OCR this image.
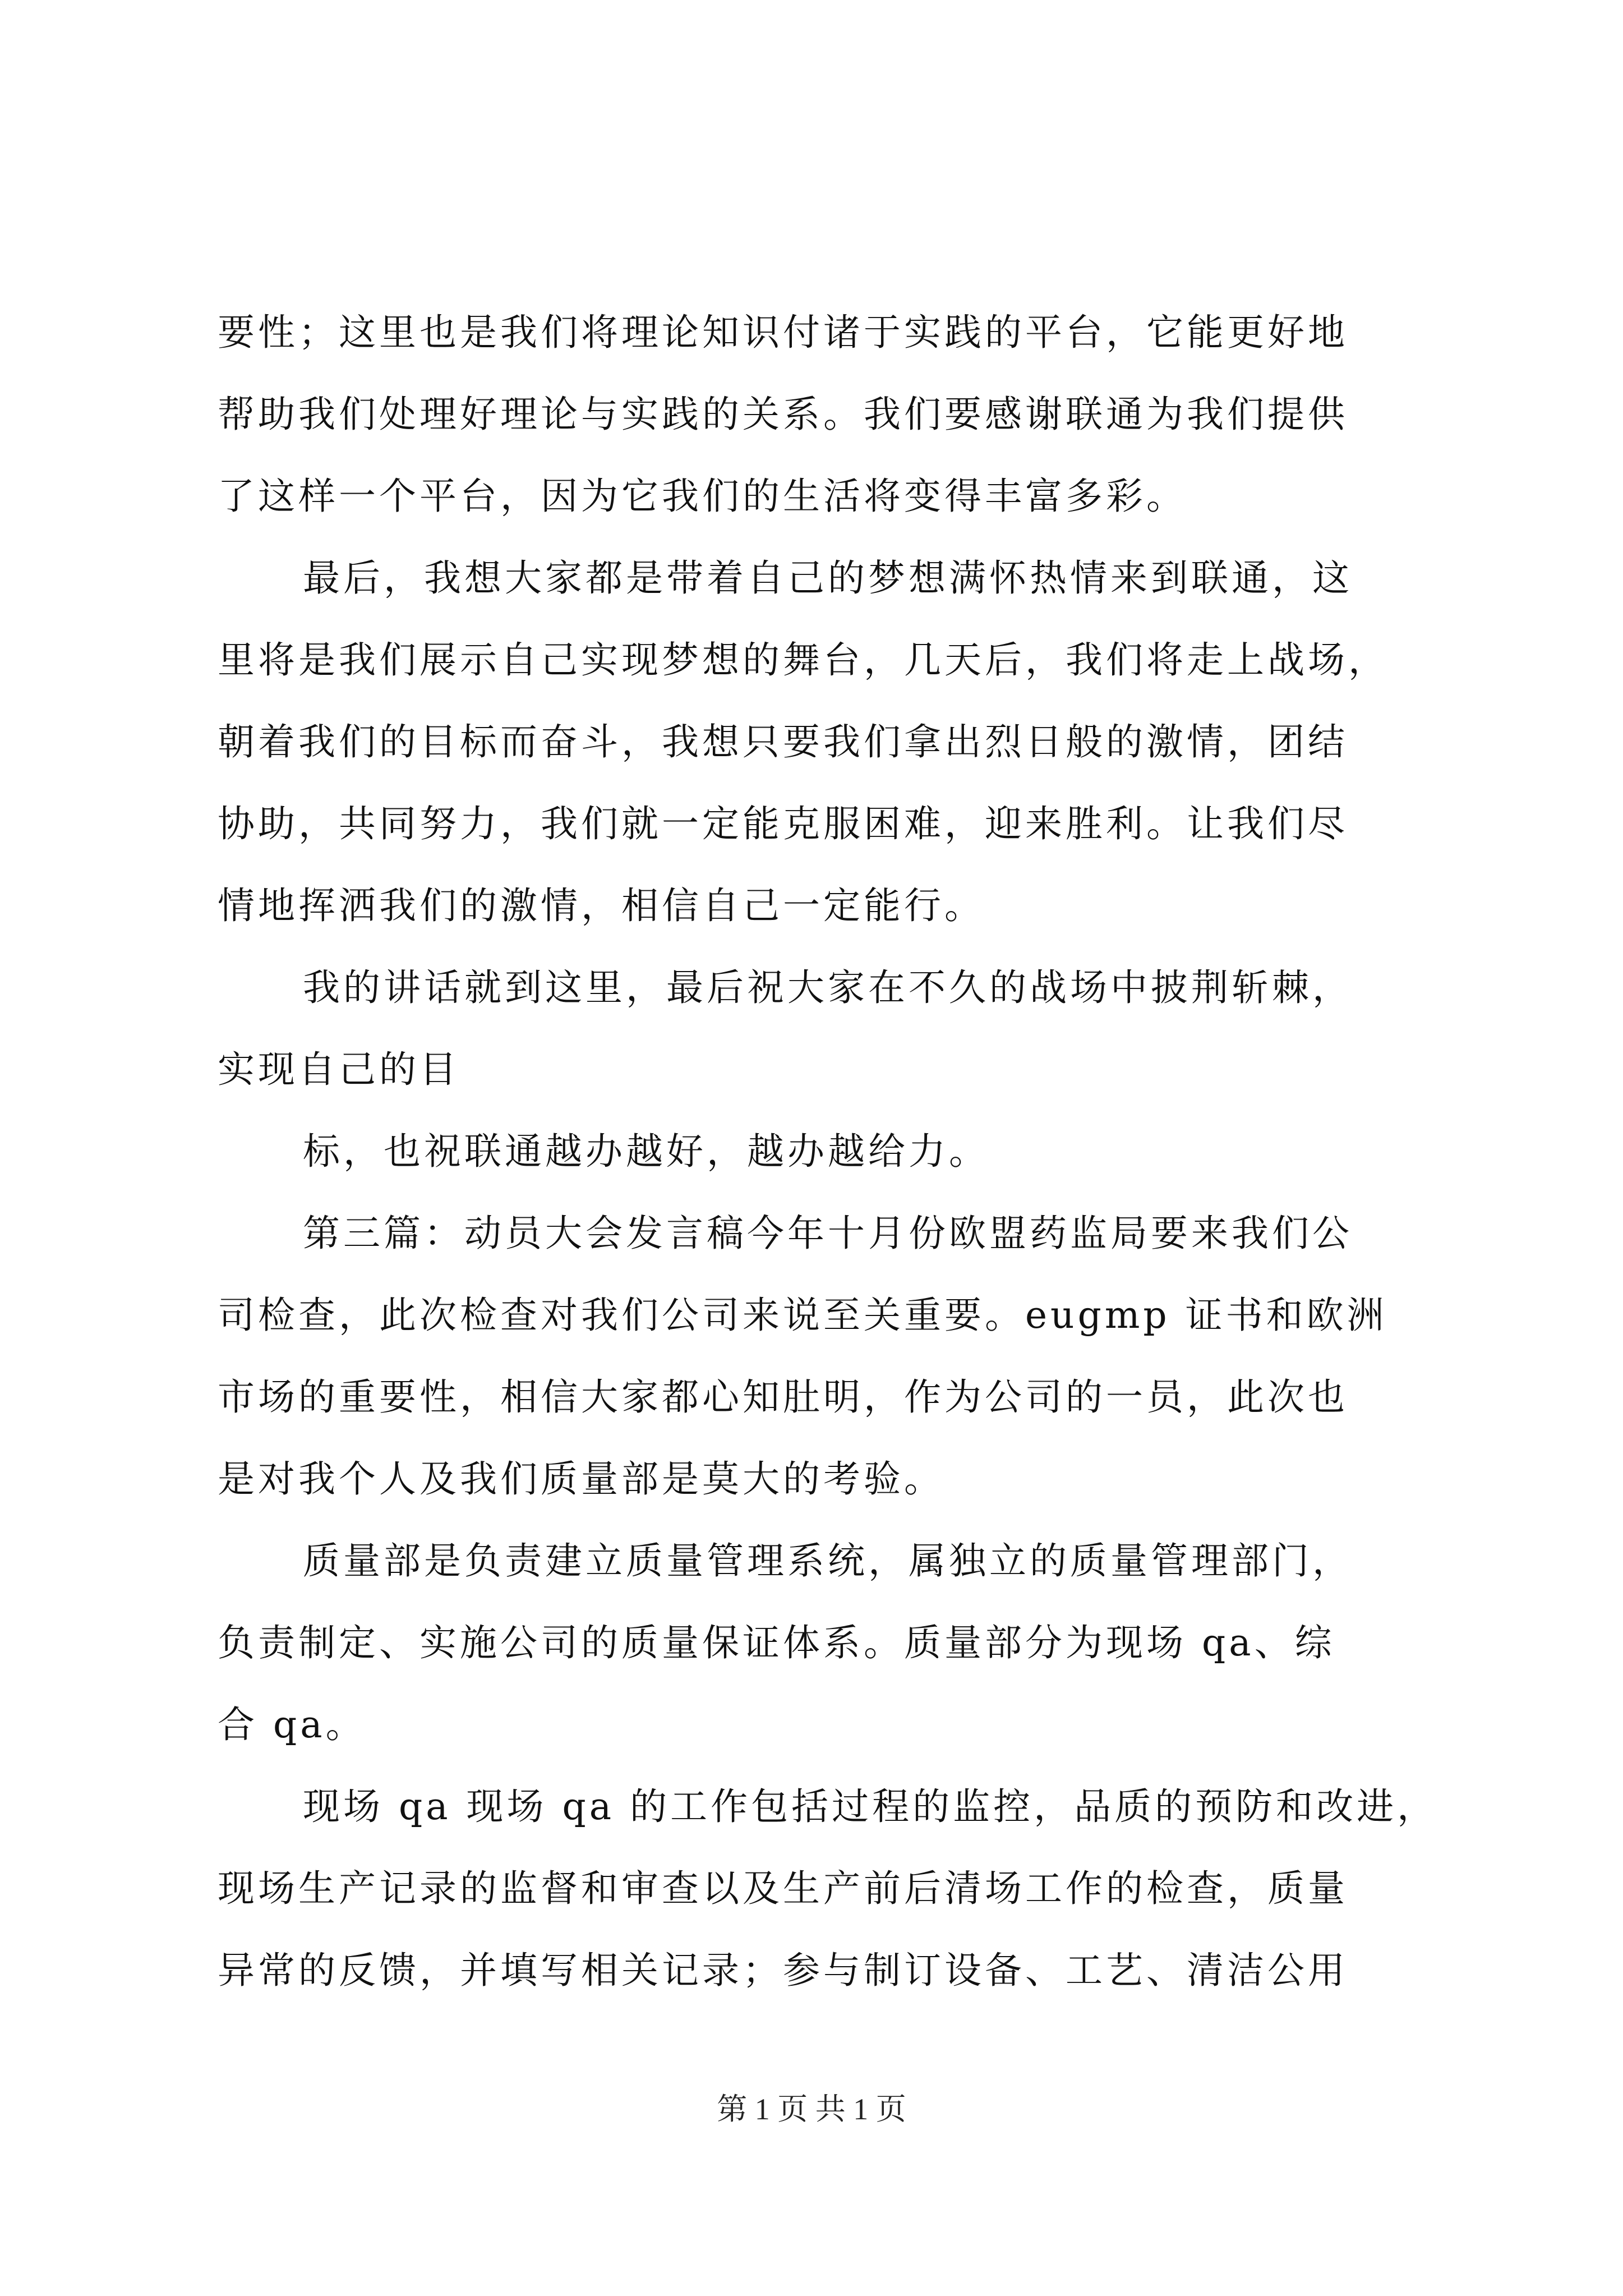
要性；这里也是我们将理论知识付诸于实践的平台，它能更好地
帮助我们处理好理论与实践的关系。我们要感谢联通为我们提供
了这样一个平台，因为它我们的生活将变得丰富多彩。
最后，我想大家都是带着自己的梦想满怀热情来到联通，这
里将是我们展示自己实现梦想的舞台，几天后，我们将走上战场，
朝着我们的目标而奋斗，我想只要我们拿出烈日般的激情，团结
协助，共同努力，我们就一定能克服困难，迎来胜利。让我们尽
情地挥洒我们的激情，相信自己一定能行。
我的讲话就到这里，最后祝大家在不久的战场中披荆斩棘，
实现自己的目
标，也祝联通越办越好，越办越给力。
第三篇：动员大会发言稿今年十月份欧盟药监局要来我们公
司检查，此次检查对我们公司来说至关重要。eugmp 证书和欧洲
市场的重要性，相信大家都心知肚明，作为公司的一员，此次也
是对我个人及我们质量部是莫大的考验。
质量部是负责建立质量管理系统，属独立的质量管理部门，
负责制定、实施公司的质量保证体系。质量部分为现场 qa、综
合 qa。
现场 qa 现场 qa 的工作包括过程的监控，品质的预防和改进，
现场生产记录的监督和审查以及生产前后清场工作的检查，质量
异常的反馈，并填写相关记录；参与制订设备、工艺、清洁公用
第 1 页 共 1 页
